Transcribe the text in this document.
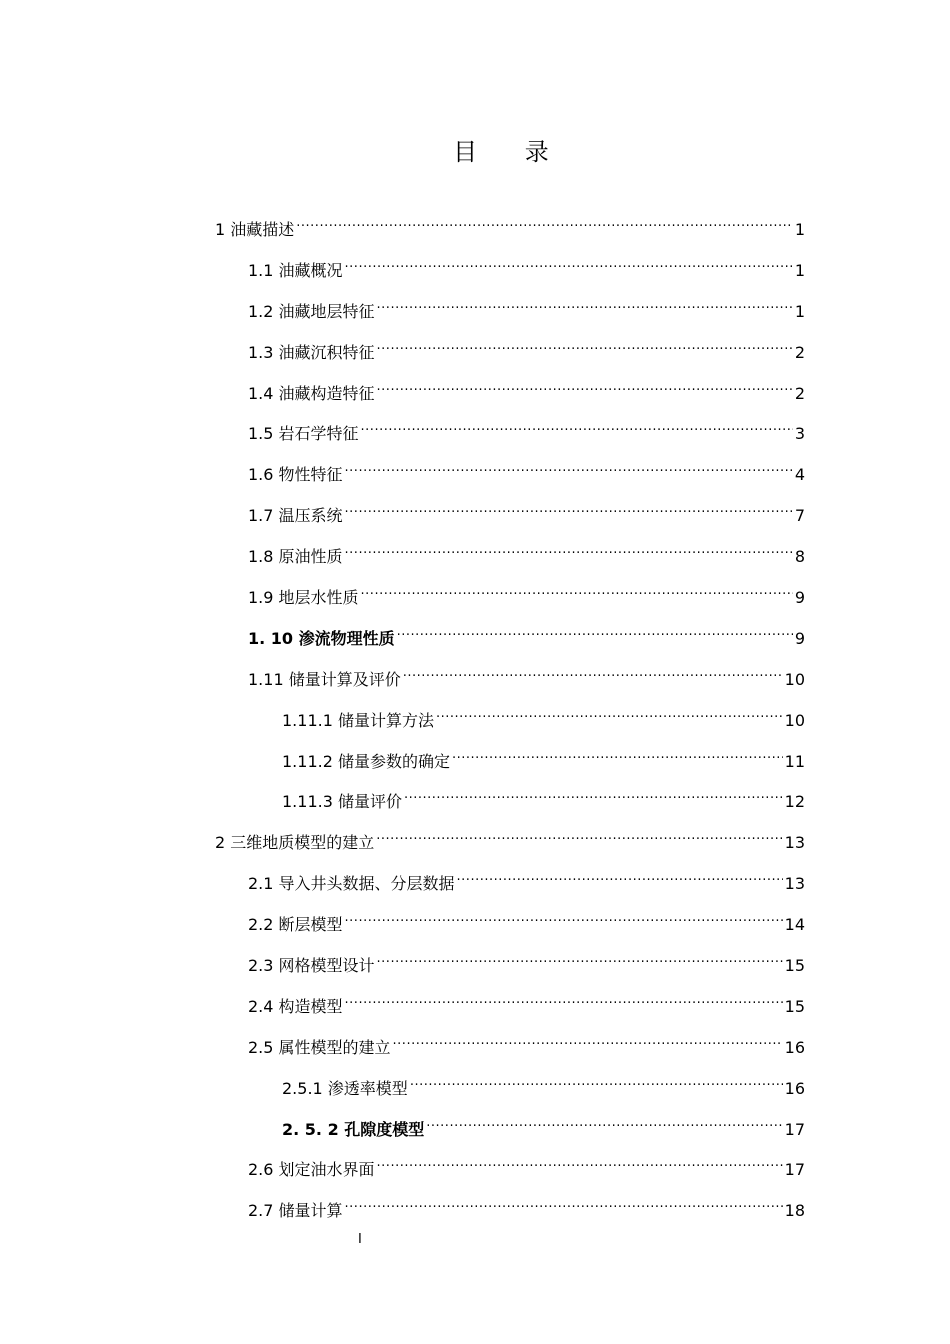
目 录
1 油藏描述 .....	1
1.1 油藏概况 .....	1
1.2 油藏地层特征 .....	1
1.3 油藏沉积特征 .....	2
1.4 油藏构造特征 .....	2
1.5 岩石学特征 .....	3
1.6 物性特征 .....	4
1.7 温压系统 .....	7
1.8 原油性质 .....	8
1.9 地层水性质 .....	9
1. 10 渗流物理性质 .....	9
1.11 储量计算及评价 .....	10
1.11.1 储量计算方法 .....	10
1.11.2 储量参数的确定 .....	11
1.11.3 储量评价 .....	12
2 三维地质模型的建立 .....	13
2.1 导入井头数据、分层数据 .....	13
2.2 断层模型 .....	14
2.3 网格模型设计 .....	15
2.4 构造模型 .....	15
2.5 属性模型的建立 .....	16
2.5.1 渗透率模型 .....	16
2. 5. 2 孔隙度模型 .....	17
2.6 划定油水界面 .....	17
2.7 储量计算 .....	18
I
